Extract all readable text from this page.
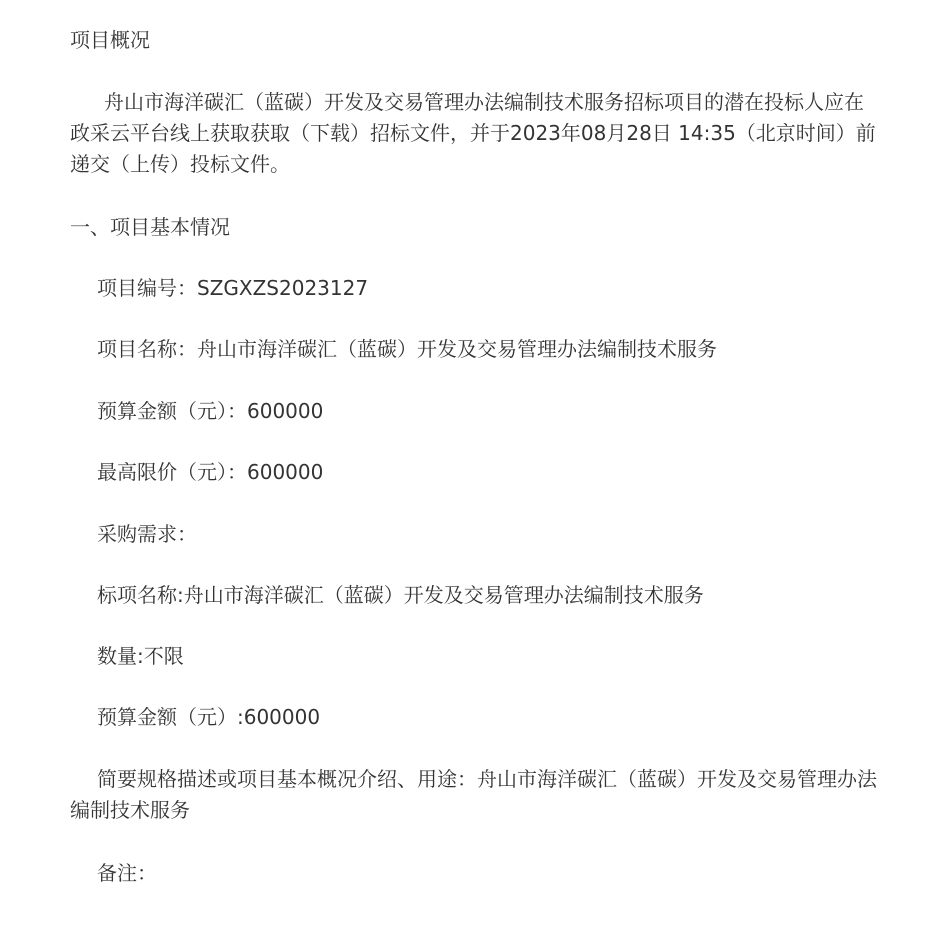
项目概况
舟山市海洋碳汇（蓝碳）开发及交易管理办法编制技术服务招标项目的潜在投标人应在政采云平台线上获取获取（下载）招标文件，并于2023年08月28日 14:35（北京时间）前递交（上传）投标文件。
一、项目基本情况
项目编号：SZGXZS2023127
项目名称：舟山市海洋碳汇（蓝碳）开发及交易管理办法编制技术服务
预算金额（元）：600000
最高限价（元）：600000
采购需求：
标项名称:舟山市海洋碳汇（蓝碳）开发及交易管理办法编制技术服务
数量:不限
预算金额（元）:600000
简要规格描述或项目基本概况介绍、用途：舟山市海洋碳汇（蓝碳）开发及交易管理办法编制技术服务
备注：
